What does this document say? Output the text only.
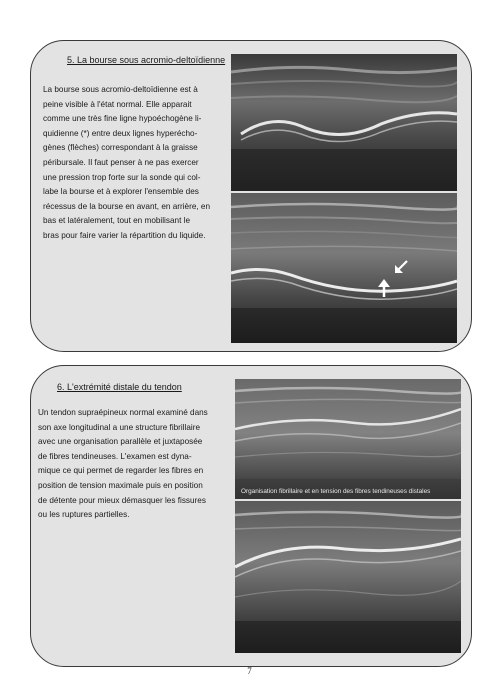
5. La bourse sous acromio-deltoïdienne
La bourse sous acromio-deltoïdienne est à
peine visible à l'état normal. Elle apparait
comme une très fine ligne hypoéchogène li-
quidienne (*) entre deux lignes hyperécho-
gènes (flèches) correspondant à la graisse
péribursale. Il faut penser à ne pas exercer
une pression trop forte sur la sonde qui col-
labe la bourse et à explorer l'ensemble des
récessus de la bourse en avant, en arrière, en
bas et latéralement, tout en mobilisant le
bras pour faire varier la répartition du liquide.
6. L'extrémité distale du tendon
Un tendon supraépineux normal examiné dans
son axe longitudinal a une structure fibrillaire
avec une organisation parallèle et juxtaposée
de fibres tendineuses. L'examen est dyna-
mique ce qui permet de regarder les fibres en
position de tension maximale puis en position
de détente pour mieux démasquer les fissures
ou les ruptures partielles.
Organisation fibrillaire et en tension des fibres tendineuses distales
7
